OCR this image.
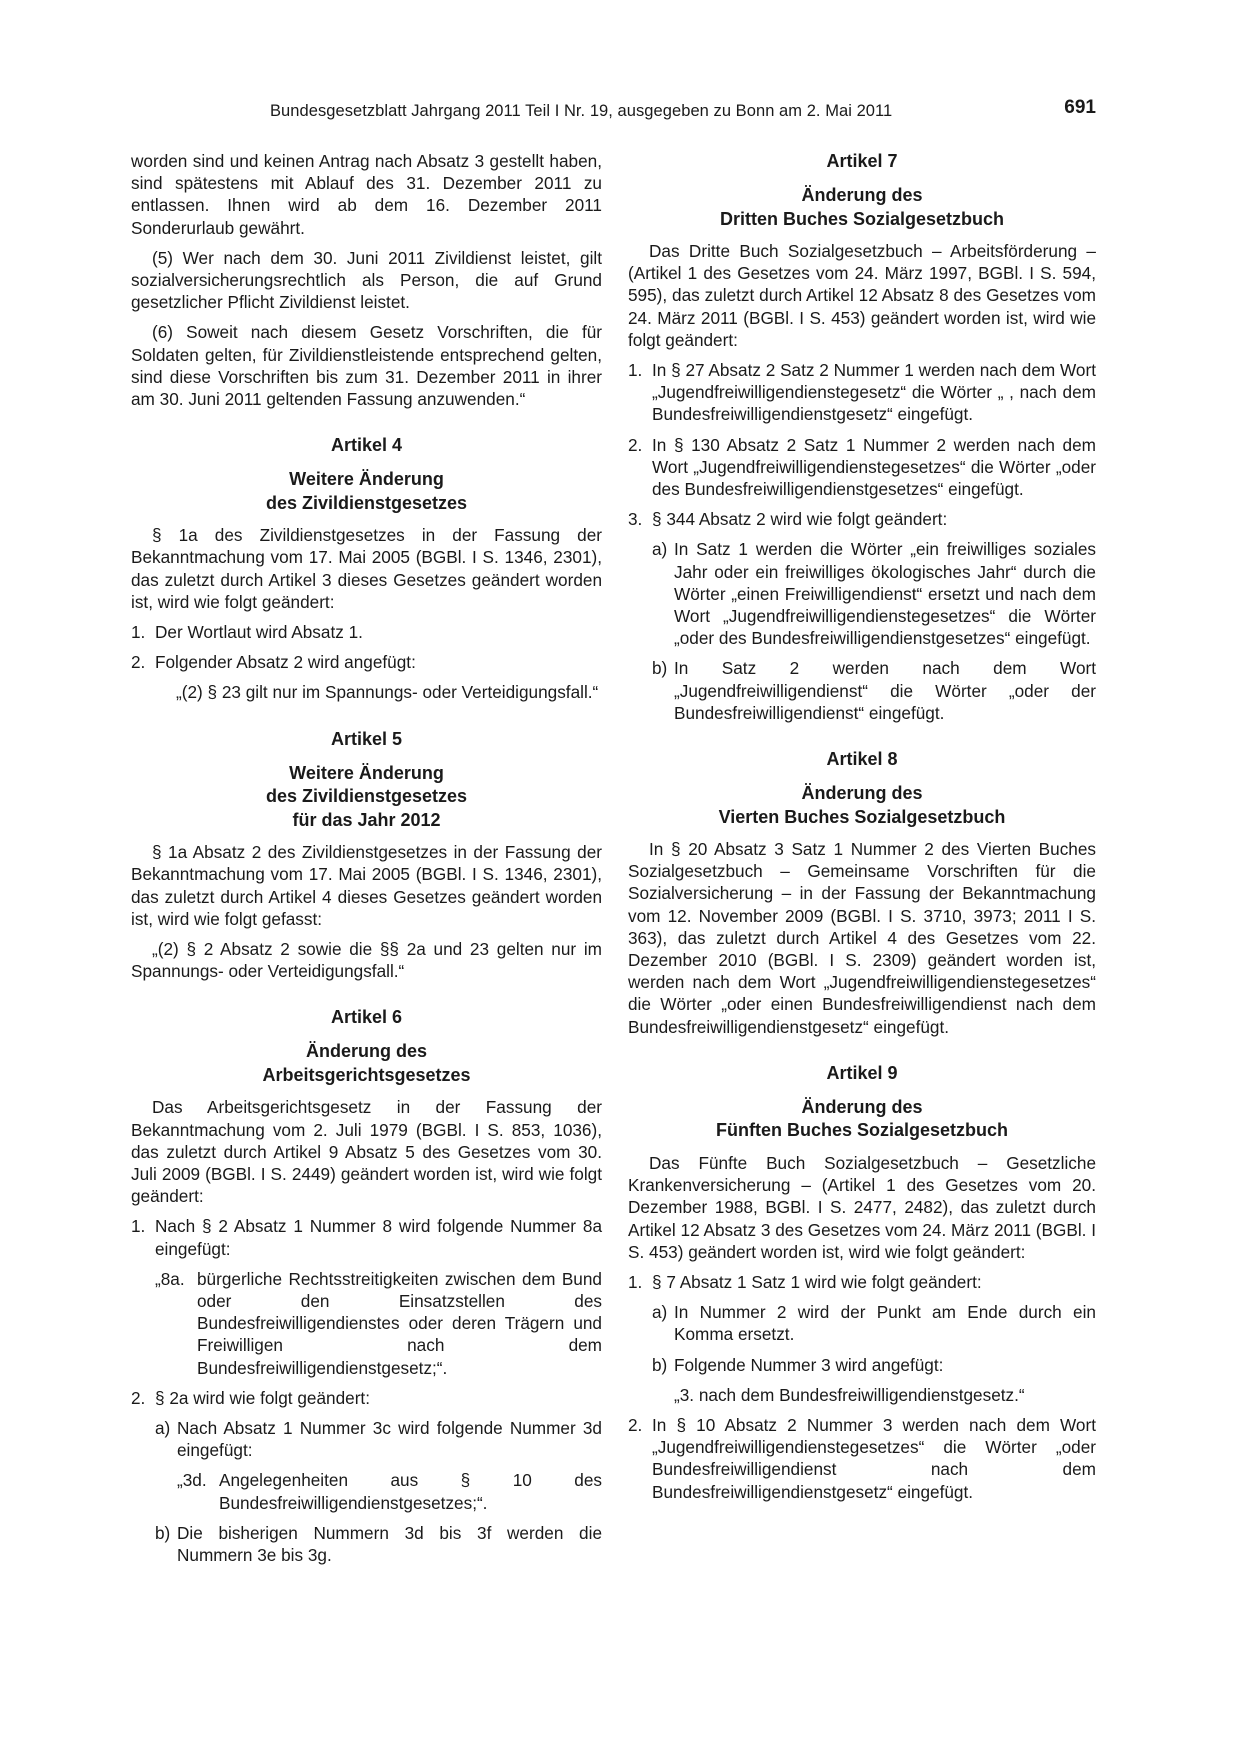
Bundesgesetzblatt Jahrgang 2011 Teil I Nr. 19, ausgegeben zu Bonn am 2. Mai 2011	691

worden sind und keinen Antrag nach Absatz 3 gestellt haben, sind spätestens mit Ablauf des 31. Dezember 2011 zu entlassen. Ihnen wird ab dem 16. Dezember 2011 Sonderurlaub gewährt.

(5) Wer nach dem 30. Juni 2011 Zivildienst leistet, gilt sozialversicherungsrechtlich als Person, die auf Grund gesetzlicher Pflicht Zivildienst leistet.

(6) Soweit nach diesem Gesetz Vorschriften, die für Soldaten gelten, für Zivildienstleistende entsprechend gelten, sind diese Vorschriften bis zum 31. Dezember 2011 in ihrer am 30. Juni 2011 geltenden Fassung anzuwenden.“

Artikel 4
Weitere Änderung
des Zivildienstgesetzes

§ 1a des Zivildienstgesetzes in der Fassung der Bekanntmachung vom 17. Mai 2005 (BGBl. I S. 1346, 2301), das zuletzt durch Artikel 3 dieses Gesetzes geändert worden ist, wird wie folgt geändert:

1. Der Wortlaut wird Absatz 1.
2. Folgender Absatz 2 wird angefügt:
„(2) § 23 gilt nur im Spannungs- oder Verteidigungsfall.“
Artikel 5
Weitere Änderung
des Zivildienstgesetzes
für das Jahr 2012

§ 1a Absatz 2 des Zivildienstgesetzes in der Fassung der Bekanntmachung vom 17. Mai 2005 (BGBl. I S. 1346, 2301), das zuletzt durch Artikel 4 dieses Gesetzes geändert worden ist, wird wie folgt gefasst:

„(2) § 2 Absatz 2 sowie die §§ 2a und 23 gelten nur im Spannungs- oder Verteidigungsfall.“

Artikel 6
Änderung des
Arbeitsgerichtsgesetzes

Das Arbeitsgerichtsgesetz in der Fassung der Bekanntmachung vom 2. Juli 1979 (BGBl. I S. 853, 1036), das zuletzt durch Artikel 9 Absatz 5 des Gesetzes vom 30. Juli 2009 (BGBl. I S. 2449) geändert worden ist, wird wie folgt geändert:

1. Nach § 2 Absatz 1 Nummer 8 wird folgende Nummer 8a eingefügt:
„8a. bürgerliche Rechtsstreitigkeiten zwischen dem Bund oder den Einsatzstellen des Bundesfreiwilligendienstes oder deren Trägern und Freiwilligen nach dem Bundesfreiwilligendienstgesetz;“.
2. § 2a wird wie folgt geändert:
a) Nach Absatz 1 Nummer 3c wird folgende Nummer 3d eingefügt:
„3d. Angelegenheiten aus § 10 des Bundesfreiwilligendienstgesetzes;“.
b) Die bisherigen Nummern 3d bis 3f werden die Nummern 3e bis 3g.
Artikel 7
Änderung des
Dritten Buches Sozialgesetzbuch

Das Dritte Buch Sozialgesetzbuch – Arbeitsförderung – (Artikel 1 des Gesetzes vom 24. März 1997, BGBl. I S. 594, 595), das zuletzt durch Artikel 12 Absatz 8 des Gesetzes vom 24. März 2011 (BGBl. I S. 453) geändert worden ist, wird wie folgt geändert:

1. In § 27 Absatz 2 Satz 2 Nummer 1 werden nach dem Wort „Jugendfreiwilligendienstegesetz“ die Wörter „ , nach dem Bundesfreiwilligendienstgesetz“ eingefügt.
2. In § 130 Absatz 2 Satz 1 Nummer 2 werden nach dem Wort „Jugendfreiwilligendienstegesetzes“ die Wörter „oder des Bundesfreiwilligendienstgesetzes“ eingefügt.
3. § 344 Absatz 2 wird wie folgt geändert:
a) In Satz 1 werden die Wörter „ein freiwilliges soziales Jahr oder ein freiwilliges ökologisches Jahr“ durch die Wörter „einen Freiwilligendienst“ ersetzt und nach dem Wort „Jugendfreiwilligendienstegesetzes“ die Wörter „oder des Bundesfreiwilligendienstgesetzes“ eingefügt.
b) In Satz 2 werden nach dem Wort „Jugendfreiwilligendienst“ die Wörter „oder der Bundesfreiwilligendienst“ eingefügt.
Artikel 8
Änderung des
Vierten Buches Sozialgesetzbuch

In § 20 Absatz 3 Satz 1 Nummer 2 des Vierten Buches Sozialgesetzbuch – Gemeinsame Vorschriften für die Sozialversicherung – in der Fassung der Bekanntmachung vom 12. November 2009 (BGBl. I S. 3710, 3973; 2011 I S. 363), das zuletzt durch Artikel 4 des Gesetzes vom 22. Dezember 2010 (BGBl. I S. 2309) geändert worden ist, werden nach dem Wort „Jugendfreiwilligendienstegesetzes“ die Wörter „oder einen Bundesfreiwilligendienst nach dem Bundesfreiwilligendienstgesetz“ eingefügt.

Artikel 9
Änderung des
Fünften Buches Sozialgesetzbuch

Das Fünfte Buch Sozialgesetzbuch – Gesetzliche Krankenversicherung – (Artikel 1 des Gesetzes vom 20. Dezember 1988, BGBl. I S. 2477, 2482), das zuletzt durch Artikel 12 Absatz 3 des Gesetzes vom 24. März 2011 (BGBl. I S. 453) geändert worden ist, wird wie folgt geändert:

1. § 7 Absatz 1 Satz 1 wird wie folgt geändert:
a) In Nummer 2 wird der Punkt am Ende durch ein Komma ersetzt.
b) Folgende Nummer 3 wird angefügt:
„3. nach dem Bundesfreiwilligendienstgesetz.“
2. In § 10 Absatz 2 Nummer 3 werden nach dem Wort „Jugendfreiwilligendienstegesetzes“ die Wörter „oder Bundesfreiwilligendienst nach dem Bundesfreiwilligendienstgesetz“ eingefügt.
